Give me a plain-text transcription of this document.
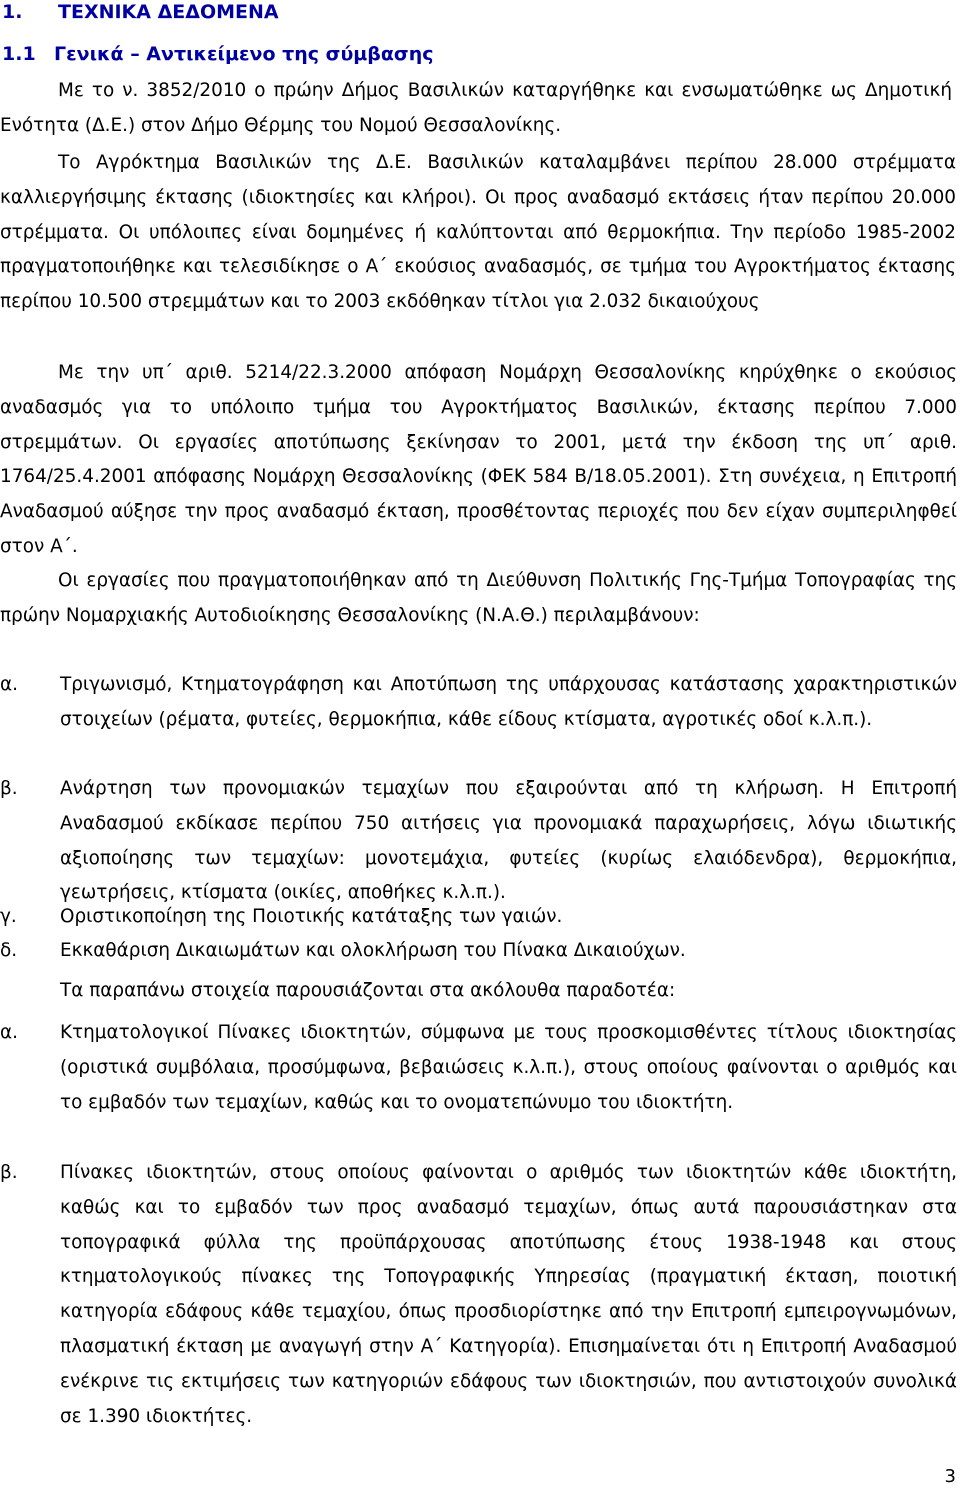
1. ΤΕΧΝΙΚΑ ΔΕΔΟΜΕΝΑ
1.1 Γενικά – Αντικείμενο της σύμβασης

Με το ν. 3852/2010 ο πρώην Δήμος Βασιλικών καταργήθηκε και ενσωματώθηκε ως Δημοτική Ενότητα (Δ.Ε.) στον Δήμο Θέρμης του Νομού Θεσσαλονίκης.

Το Αγρόκτημα Βασιλικών της Δ.Ε. Βασιλικών καταλαμβάνει περίπου 28.000 στρέμματα καλλιεργήσιμης έκτασης (ιδιοκτησίες και κλήροι). Οι προς αναδασμό εκτάσεις ήταν περίπου 20.000 στρέμματα. Οι υπόλοιπες είναι δομημένες ή καλύπτονται από θερμοκήπια. Την περίοδο 1985-2002 πραγματοποιήθηκε και τελεσιδίκησε ο Α΄ εκούσιος αναδασμός, σε τμήμα του Αγροκτήματος έκτασης περίπου 10.500 στρεμμάτων και το 2003 εκδόθηκαν τίτλοι για 2.032 δικαιούχους

Με την υπ΄ αριθ. 5214/22.3.2000 απόφαση Νομάρχη Θεσσαλονίκης κηρύχθηκε ο εκούσιος αναδασμός για το υπόλοιπο τμήμα του Αγροκτήματος Βασιλικών, έκτασης περίπου 7.000 στρεμμάτων. Οι εργασίες αποτύπωσης ξεκίνησαν το 2001, μετά την έκδοση της υπ΄ αριθ. 1764/25.4.2001 απόφασης Νομάρχη Θεσσαλονίκης (ΦΕΚ 584 Β/18.05.2001). Στη συνέχεια, η Επιτροπή Αναδασμού αύξησε την προς αναδασμό έκταση, προσθέτοντας περιοχές που δεν είχαν συμπεριληφθεί στον Α΄.

Οι εργασίες που πραγματοποιήθηκαν από τη Διεύθυνση Πολιτικής Γης-Τμήμα Τοπογραφίας της πρώην Νομαρχιακής Αυτοδιοίκησης Θεσσαλονίκης (Ν.Α.Θ.) περιλαμβάνουν:

α. Τριγωνισμό, Κτηματογράφηση και Αποτύπωση της υπάρχουσας κατάστασης χαρακτηριστικών στοιχείων (ρέματα, φυτείες, θερμοκήπια, κάθε είδους κτίσματα, αγροτικές οδοί κ.λ.π.).
β. Ανάρτηση των προνομιακών τεμαχίων που εξαιρούνται από τη κλήρωση. Η Επιτροπή Αναδασμού εκδίκασε περίπου 750 αιτήσεις για προνομιακά παραχωρήσεις, λόγω ιδιωτικής αξιοποίησης των τεμαχίων: μονοτεμάχια, φυτείες (κυρίως ελαιόδενδρα), θερμοκήπια, γεωτρήσεις, κτίσματα (οικίες, αποθήκες κ.λ.π.).
γ. Οριστικοποίηση της Ποιοτικής κατάταξης των γαιών.
δ. Εκκαθάριση Δικαιωμάτων και ολοκλήρωση του Πίνακα Δικαιούχων.

Τα παραπάνω στοιχεία παρουσιάζονται στα ακόλουθα παραδοτέα:

α. Κτηματολογικοί Πίνακες ιδιοκτητών, σύμφωνα με τους προσκομισθέντες τίτλους ιδιοκτησίας (οριστικά συμβόλαια, προσύμφωνα, βεβαιώσεις κ.λ.π.), στους οποίους φαίνονται ο αριθμός και το εμβαδόν των τεμαχίων, καθώς και το ονοματεπώνυμο του ιδιοκτήτη.
β. Πίνακες ιδιοκτητών, στους οποίους φαίνονται ο αριθμός των ιδιοκτητών κάθε ιδιοκτήτη, καθώς και το εμβαδόν των προς αναδασμό τεμαχίων, όπως αυτά παρουσιάστηκαν στα τοπογραφικά φύλλα της προϋπάρχουσας αποτύπωσης έτους 1938-1948 και στους κτηματολογικούς πίνακες της Τοπογραφικής Υπηρεσίας (πραγματική έκταση, ποιοτική κατηγορία εδάφους κάθε τεμαχίου, όπως προσδιορίστηκε από την Επιτροπή εμπειρογνωμόνων, πλασματική έκταση με αναγωγή στην Α΄ Κατηγορία). Επισημαίνεται ότι η Επιτροπή Αναδασμού ενέκρινε τις εκτιμήσεις των κατηγοριών εδάφους των ιδιοκτησιών, που αντιστοιχούν συνολικά σε 1.390 ιδιοκτήτες.
3
